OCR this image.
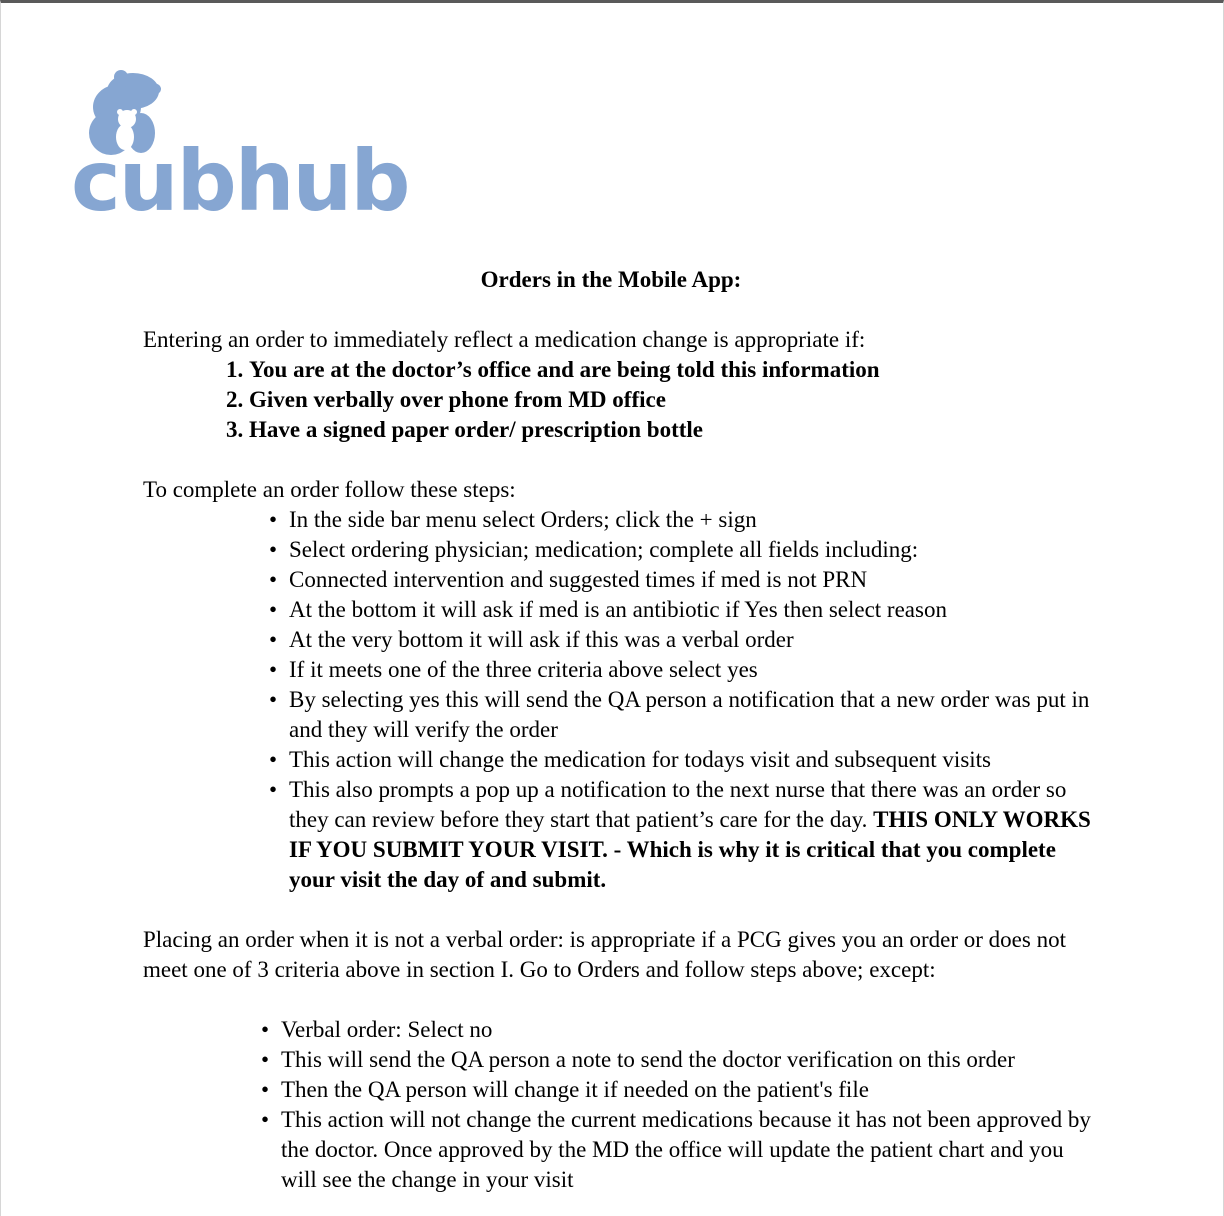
cubhub
Orders in the Mobile App:

Entering an order to immediately reflect a medication change is appropriate if:

1. You are at the doctor’s office and are being told this information
2. Given verbally over phone from MD office
3. Have a signed paper order/ prescription bottle

To complete an order follow these steps:

• In the side bar menu select Orders; click the + sign
• Select ordering physician; medication; complete all fields including:
• Connected intervention and suggested times if med is not PRN
• At the bottom it will ask if med is an antibiotic if Yes then select reason
• At the very bottom it will ask if this was a verbal order
• If it meets one of the three criteria above select yes
• By selecting yes this will send the QA person a notification that a new order was put in and they will verify the order
• This action will change the medication for todays visit and subsequent visits
• This also prompts a pop up a notification to the next nurse that there was an order so they can review before they start that patient’s care for the day. THIS ONLY WORKS IF YOU SUBMIT YOUR VISIT. - Which is why it is critical that you complete your visit the day of and submit.

Placing an order when it is not a verbal order: is appropriate if a PCG gives you an order or does not meet one of 3 criteria above in section I. Go to Orders and follow steps above; except:

• Verbal order: Select no
• This will send the QA person a note to send the doctor verification on this order
• Then the QA person will change it if needed on the patient's file
• This action will not change the current medications because it has not been approved by the doctor. Once approved by the MD the office will update the patient chart and you will see the change in your visit
